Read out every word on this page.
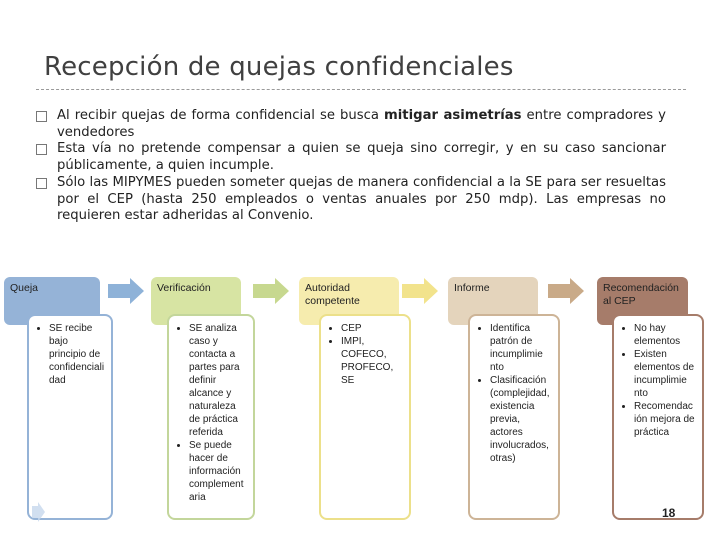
Recepción de quejas confidenciales
Al recibir quejas de forma confidencial se busca mitigar asimetrías entre compradores y vendedores
Esta vía no pretende compensar a quien se queja sino corregir, y en su caso sancionar públicamente, a quien incumple.
Sólo las MIPYMES pueden someter quejas de manera confidencial a la SE para ser resueltas por el CEP (hasta 250 empleados o ventas anuales por 250 mdp). Las empresas no requieren estar adheridas al Convenio.
Queja
• SE recibe bajo principio de confidenciali dad
Verificación
• SE analiza caso y contacta a partes para definir alcance y naturaleza de práctica referida
• Se puede hacer de información complement aria
Autoridad competente
• CEP
• IMPI, COFECO, PROFECO, SE
Informe
• Identifica patrón de incumplimie nto
• Clasificación (complejidad, existencia previa, actores involucrados, otras)
Recomendación al CEP
• No hay elementos
• Existen elementos de incumplimie nto
• Recomendac ión mejora de práctica
18
